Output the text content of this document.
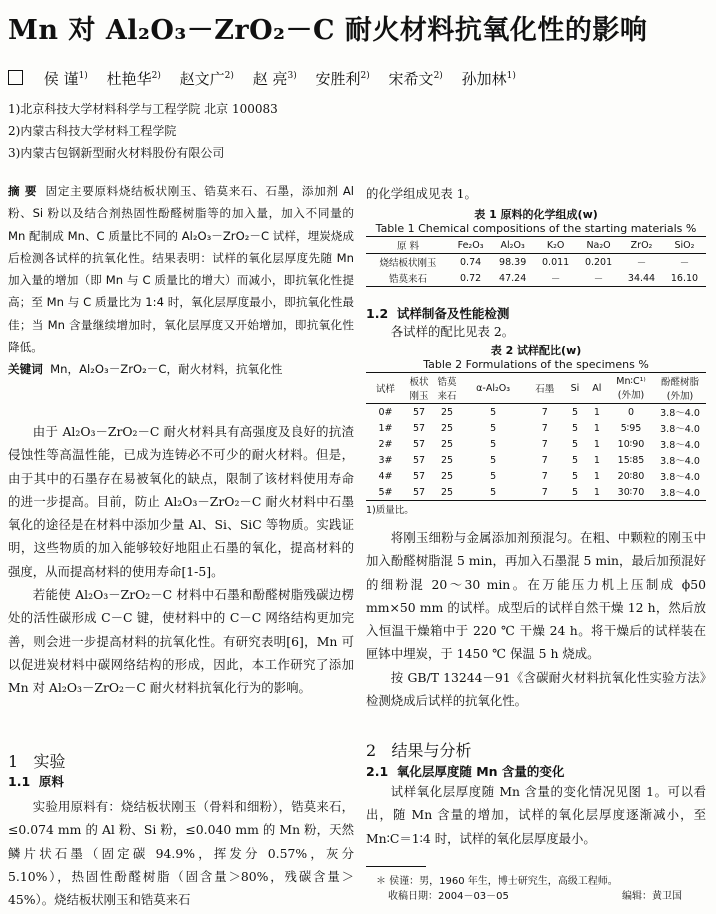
Mn 对 Al₂O₃－ZrO₂－C 耐火材料抗氧化性的影响
侯 谨$^{1)}$ 杜艳华$^{2)}$ 赵文广$^{2)}$ 赵 亮$^{3)}$ 安胜利$^{2)}$ 宋希文$^{2)}$ 孙加林$^{1)}$
1)北京科技大学材料科学与工程学院 北京 100083
2)内蒙古科技大学材料工程学院
3)内蒙古包钢新型耐火材料股份有限公司

摘 要 固定主要原料烧结板状刚玉、锆莫来石、石墨，添加剂 Al 粉、Si 粉以及结合剂热固性酚醛树脂等的加入量，加入不同量的 Mn 配制成 Mn、C 质量比不同的 Al₂O₃－ZrO₂－C 试样，埋炭烧成后检测各试样的抗氧化性。结果表明：试样的氧化层厚度先随 Mn 加入量的增加（即 Mn 与 C 质量比的增大）而减小，即抗氧化性提高；至 Mn 与 C 质量比为 1:4 时，氧化层厚度最小，即抗氧化性最佳；当 Mn 含量继续增加时，氧化层厚度又开始增加，即抗氧化性降低。

关键词 Mn，Al₂O₃－ZrO₂－C，耐火材料，抗氧化性

由于 Al₂O₃－ZrO₂－C 耐火材料具有高强度及良好的抗渣侵蚀性等高温性能，已成为连铸必不可少的耐火材料。但是，由于其中的石墨存在易被氧化的缺点，限制了该材料使用寿命的进一步提高。目前，防止 Al₂O₃－ZrO₂－C 耐火材料中石墨氧化的途径是在材料中添加少量 Al、Si、SiC 等物质。实践证明，这些物质的加入能够较好地阻止石墨的氧化，提高材料的强度，从而提高材料的使用寿命[1-5]。

若能使 Al₂O₃－ZrO₂－C 材料中石墨和酚醛树脂残碳边楞处的活性碳形成 C－C 键，使材料中的 C－C 网络结构更加完善，则会进一步提高材料的抗氧化性。有研究表明[6]，Mn 可以促进炭材料中碳网络结构的形成，因此，本工作研究了添加 Mn 对 Al₂O₃－ZrO₂－C 耐火材料抗氧化行为的影响。

1 实验
1.1 原料

实验用原料有：烧结板状刚玉（骨料和细粉），锆莫来石，≤0.074 mm 的 Al 粉、Si 粉，≤0.040 mm 的 Mn 粉，天然鳞片状石墨（固定碳 94.9%，挥发分 0.57%，灰分 5.10%），热固性酚醛树脂（固含量＞80%，残碳含量＞45%）。烧结板状刚玉和锆莫来石

的化学组成见表 1。

表 1 原料的化学组成(w)
Table 1 Chemical compositions of the starting materials %
原 料	Fe₂O₃	Al₂O₃	K₂O	Na₂O	ZrO₂	SiO₂
烧结板状刚玉	0.74	98.39	0.011	0.201	－	－
锆莫来石	0.72	47.24	－	－	34.44	16.10
1.2 试样制备及性能检测

各试样的配比见表 2。

表 2 试样配比(w)
Table 2 Formulations of the specimens %
试样	板状刚玉	锆莫来石	α-Al₂O₃	石墨	Si	Al	Mn∶C¹⁾(外加)	酚醛树脂(外加)
0#	57	25	5	7	5	1	0	3.8～4.0
1#	57	25	5	7	5	1	5∶95	3.8～4.0
2#	57	25	5	7	5	1	10∶90	3.8～4.0
3#	57	25	5	7	5	1	15∶85	3.8～4.0
4#	57	25	5	7	5	1	20∶80	3.8～4.0
5#	57	25	5	7	5	1	30∶70	3.8～4.0
1)质量比。

将刚玉细粉与金属添加剂预混匀。在粗、中颗粒的刚玉中加入酚醛树脂混 5 min，再加入石墨混 5 min，最后加预混好的细粉混 20～30 min。在万能压力机上压制成 ϕ50 mm×50 mm 的试样。成型后的试样自然干燥 12 h，然后放入恒温干燥箱中于 220 ℃ 干燥 24 h。将干燥后的试样装在匣钵中埋炭，于 1450 ℃ 保温 5 h 烧成。

按 GB/T 13244－91《含碳耐火材料抗氧化性实验方法》检测烧成后试样的抗氧化性。

2 结果与分析
2.1 氧化层厚度随 Mn 含量的变化

试样氧化层厚度随 Mn 含量的变化情况见图 1。可以看出，随 Mn 含量的增加，试样的氧化层厚度逐渐减小，至 Mn∶C＝1∶4 时，试样的氧化层厚度最小。

＊ 侯谨：男，1960 年生，博士研究生，高级工程师。
收稿日期：2004－03－05	编辑：黄卫国
